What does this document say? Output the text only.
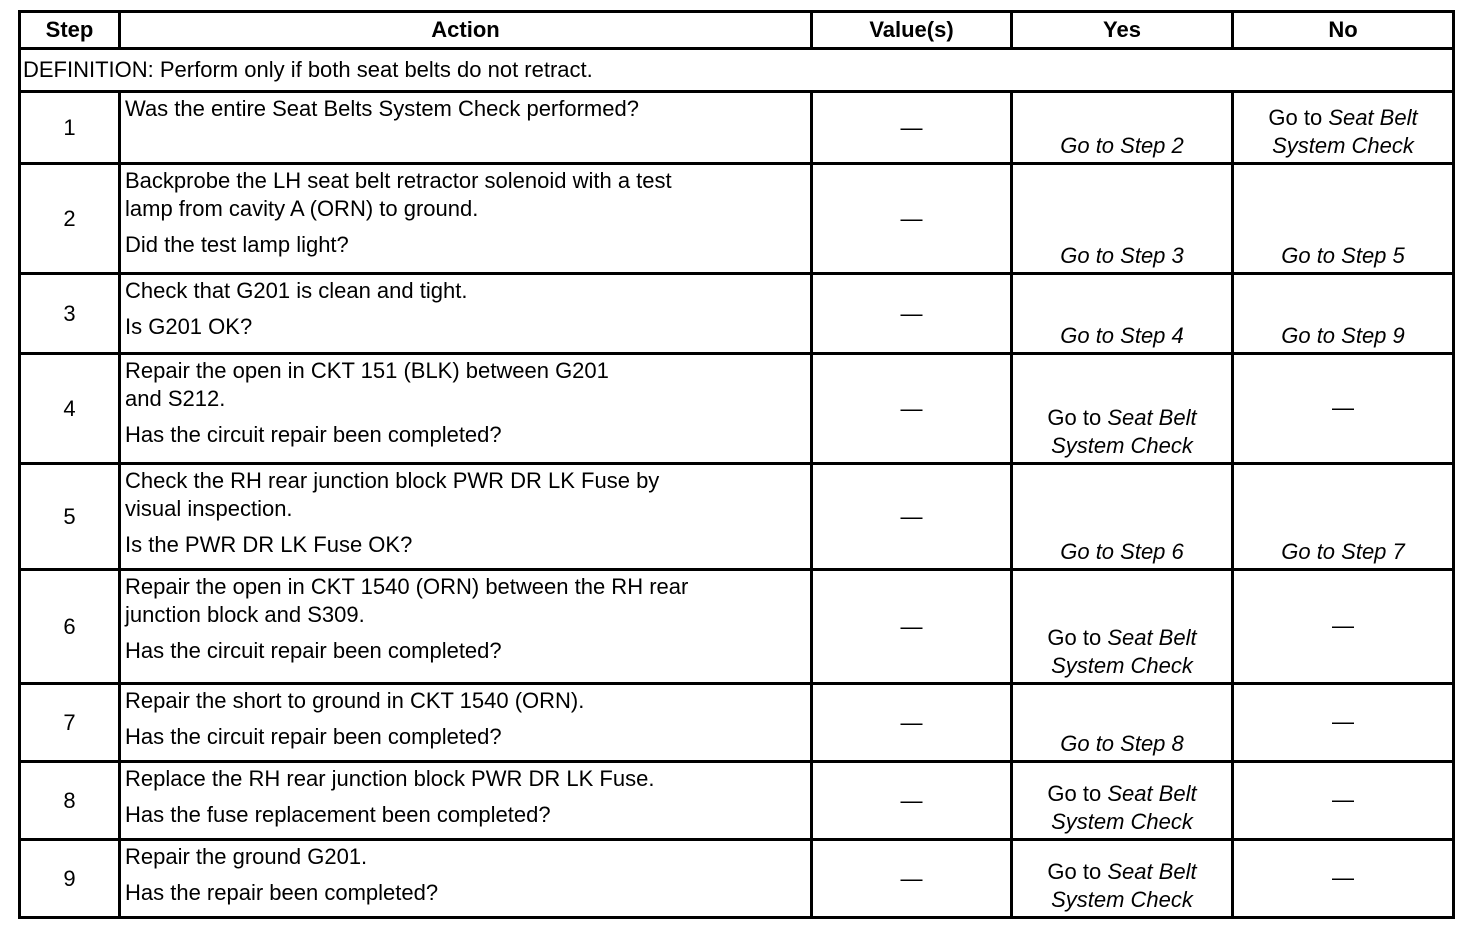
Step	Action	Value(s)	Yes	No
DEFINITION: Perform only if both seat belts do not retract.				
1	Was the entire Seat Belts System Check performed?	—	Go to Step 2	Go to Seat Belt System Check
2	Backprobe the LH seat belt retractor solenoid with a test
lamp from cavity A (ORN) to ground.
Did the test lamp light?	—	Go to Step 3	Go to Step 5
3	Check that G201 is clean and tight.
Is G201 OK?	—	Go to Step 4	Go to Step 9
4	Repair the open in CKT 151 (BLK) between G201
and S212.
Has the circuit repair been completed?	—	Go to Seat Belt System Check	—
5	Check the RH rear junction block PWR DR LK Fuse by
visual inspection.
Is the PWR DR LK Fuse OK?	—	Go to Step 6	Go to Step 7
6	Repair the open in CKT 1540 (ORN) between the RH rear
junction block and S309.
Has the circuit repair been completed?	—	Go to Seat Belt System Check	—
7	Repair the short to ground in CKT 1540 (ORN).
Has the circuit repair been completed?	—	Go to Step 8	—
8	Replace the RH rear junction block PWR DR LK Fuse.
Has the fuse replacement been completed?	—	Go to Seat Belt System Check	—
9	Repair the ground G201.
Has the repair been completed?	—	Go to Seat Belt System Check	—
